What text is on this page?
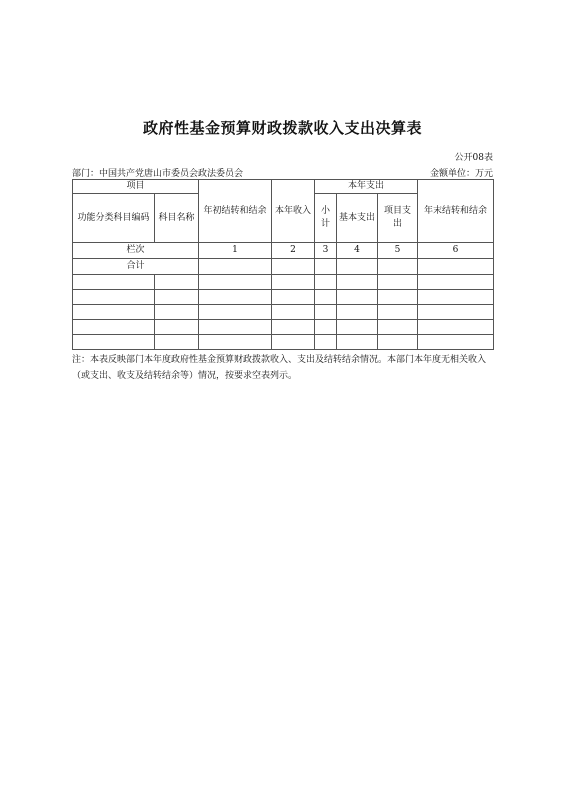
政府性基金预算财政拨款收入支出决算表
公开08表
部门：中国共产党唐山市委员会政法委员会	金额单位：万元
项目		年初结转和结余	本年收入	本年支出			年末结转和结余
功能分类科目编码	科目名称			小计	基本支出	项目支出	
栏次		1	2	3	4	5	6
合计							

注：本表反映部门本年度政府性基金预算财政拨款收入、支出及结转结余情况。本部门本年度无相关收入（或支出、收支及结转结余等）情况，按要求空表列示。
